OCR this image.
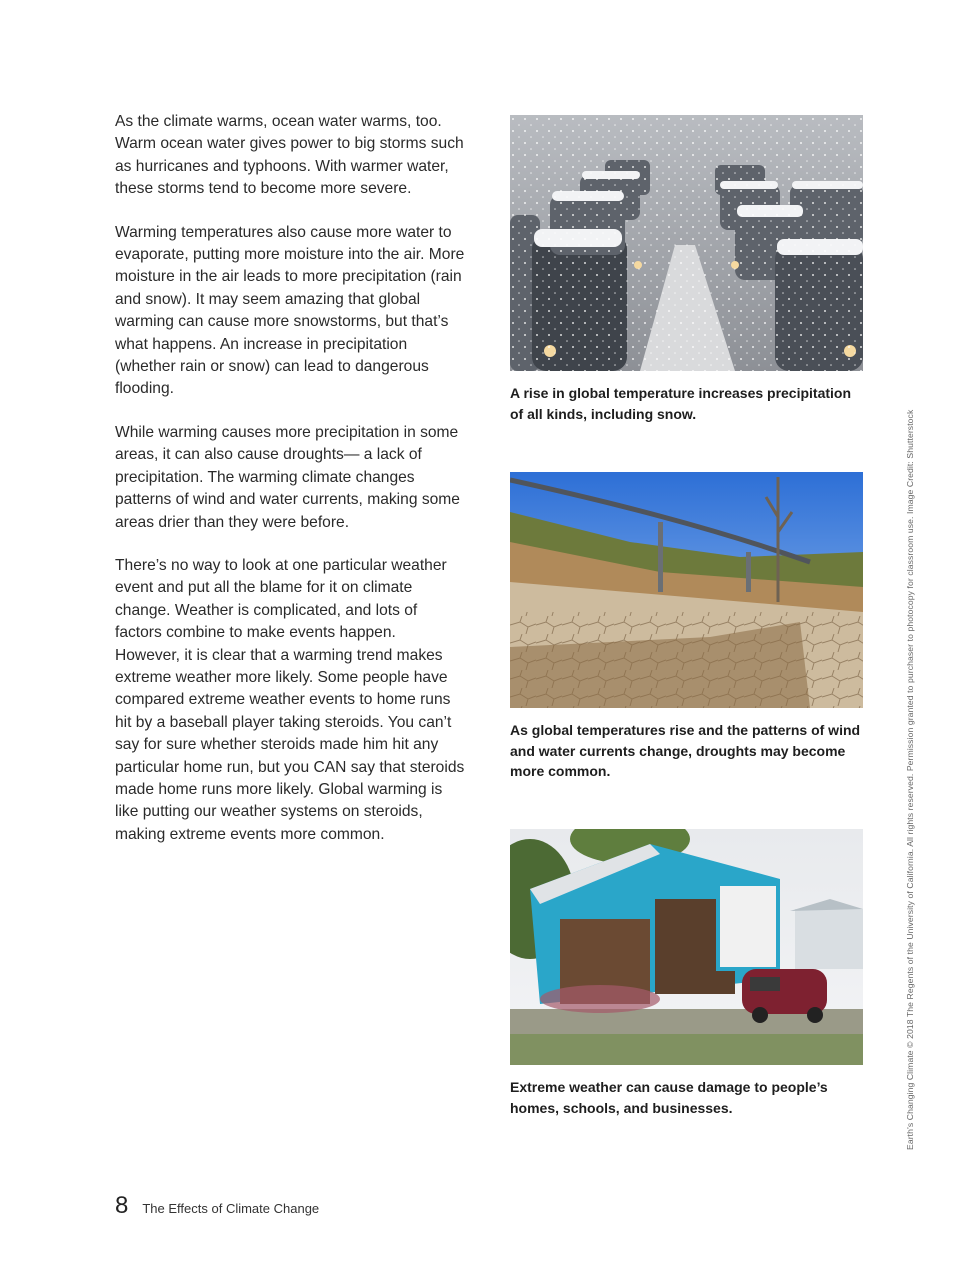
As the climate warms, ocean water warms, too. Warm ocean water gives power to big storms such as hurricanes and typhoons. With warmer water, these storms tend to become more severe.

Warming temperatures also cause more water to evaporate, putting more moisture into the air. More moisture in the air leads to more precipitation (rain and snow). It may seem amazing that global warming can cause more snowstorms, but that’s what happens. An increase in precipitation (whether rain or snow) can lead to dangerous flooding.

While warming causes more precipitation in some areas, it can also cause droughts— a lack of precipitation. The warming climate changes patterns of wind and water currents, making some areas drier than they were before.

There’s no way to look at one particular weather event and put all the blame for it on climate change. Weather is complicated, and lots of factors combine to make events happen. However, it is clear that a warming trend makes extreme weather more likely. Some people have compared extreme weather events to home runs hit by a baseball player taking steroids. You can’t say for sure whether steroids made him hit any particular home run, but you CAN say that steroids made home runs more likely. Global warming is like putting our weather systems on steroids, making extreme events more common.

A rise in global temperature increases precipitation of all kinds, including snow.
As global temperatures rise and the patterns of wind and water currents change, droughts may become more common.
Extreme weather can cause damage to people’s homes, schools, and businesses.
8 The Effects of Climate Change
Earth’s Changing Climate © 2018 The Regents of the University of California. All rights reserved. Permission granted to purchaser to photocopy for classroom use. Image Credit: Shutterstock
